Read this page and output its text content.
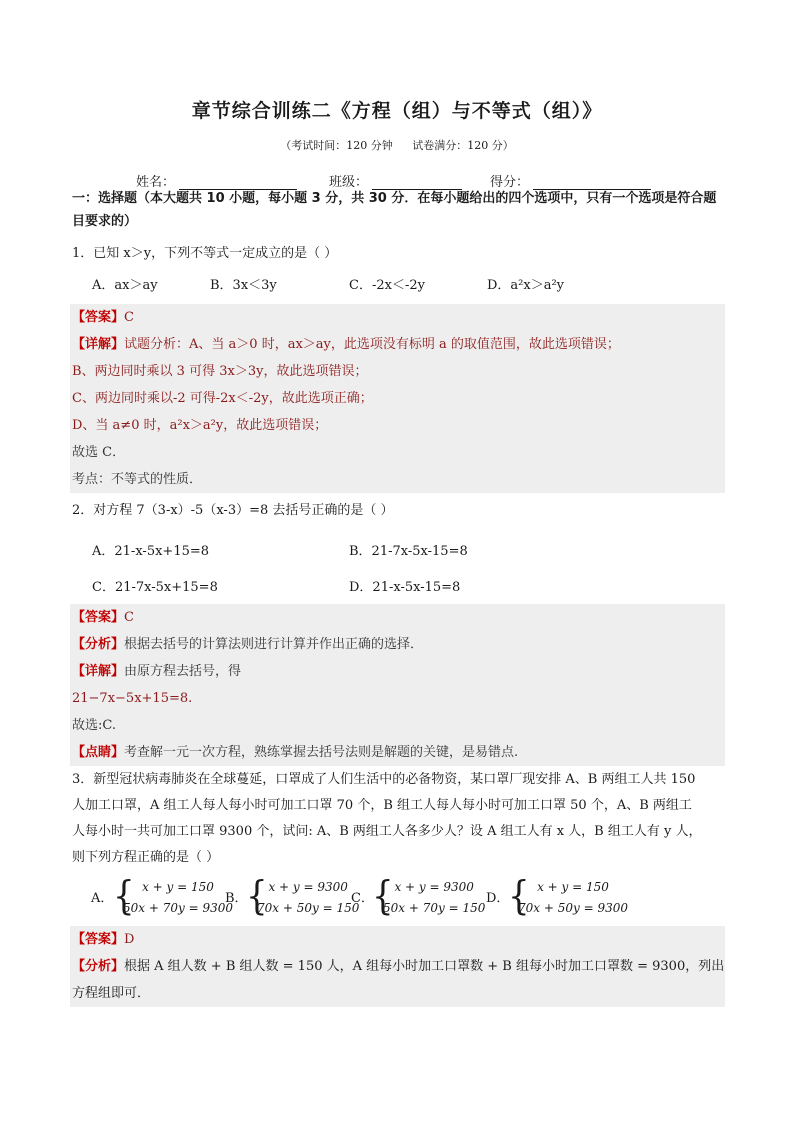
章节综合训练二《方程（组）与不等式（组）》
（考试时间：120 分钟 试卷满分：120 分）
姓名：	班级：	得分：
一：选择题（本大题共 10 小题，每小题 3 分，共 30 分．在每小题给出的四个选项中，只有一个选项是符合题目要求的）
1．已知 x＞y，下列不等式一定成立的是（ ）
A．ax＞ay	B．3x＜3y	C．-2x＜-2y	D．a²x＞a²y
【答案】C
【详解】试题分析：A、当 a＞0 时，ax＞ay，此选项没有标明 a 的取值范围，故此选项错误；
B、两边同时乘以 3 可得 3x＞3y，故此选项错误；
C、两边同时乘以-2 可得-2x＜-2y，故此选项正确；
D、当 a≠0 时，a²x＞a²y，故此选项错误；
故选 C．
考点：不等式的性质．
2．对方程 7（3-x）-5（x-3）=8 去括号正确的是（ ）
A．21-x-5x+15=8	B．21-7x-5x-15=8
C．21-7x-5x+15=8	D．21-x-5x-15=8
【答案】C
【分析】根据去括号的计算法则进行计算并作出正确的选择．
【详解】由原方程去括号，得
21−7x−5x+15=8.
故选:C.
【点睛】考查解一元一次方程，熟练掌握去括号法则是解题的关键，是易错点.
3．新型冠状病毒肺炎在全球蔓延，口罩成了人们生活中的必备物资，某口罩厂现安排 A、B 两组工人共 150
人加工口罩，A 组工人每人每小时可加工口罩 70 个，B 组工人每人每小时可加工口罩 50 个，A、B 两组工
人每小时一共可加工口罩 9300 个，试问: A、B 两组工人各多少人？设 A 组工人有 x 人，B 组工人有 y 人，
则下列方程正确的是（ ）
A． { x + y = 150
50x + 70y = 9300
B．
{ x + y = 9300
70x + 50y = 150
C．
{ x + y = 9300
50x + 70y = 150
D．
{ x + y = 150
70x + 50y = 9300
【答案】D
【分析】根据 A 组人数 + B 组人数 = 150 人，A 组每小时加工口罩数 + B 组每小时加工口罩数 = 9300，列出
方程组即可．
